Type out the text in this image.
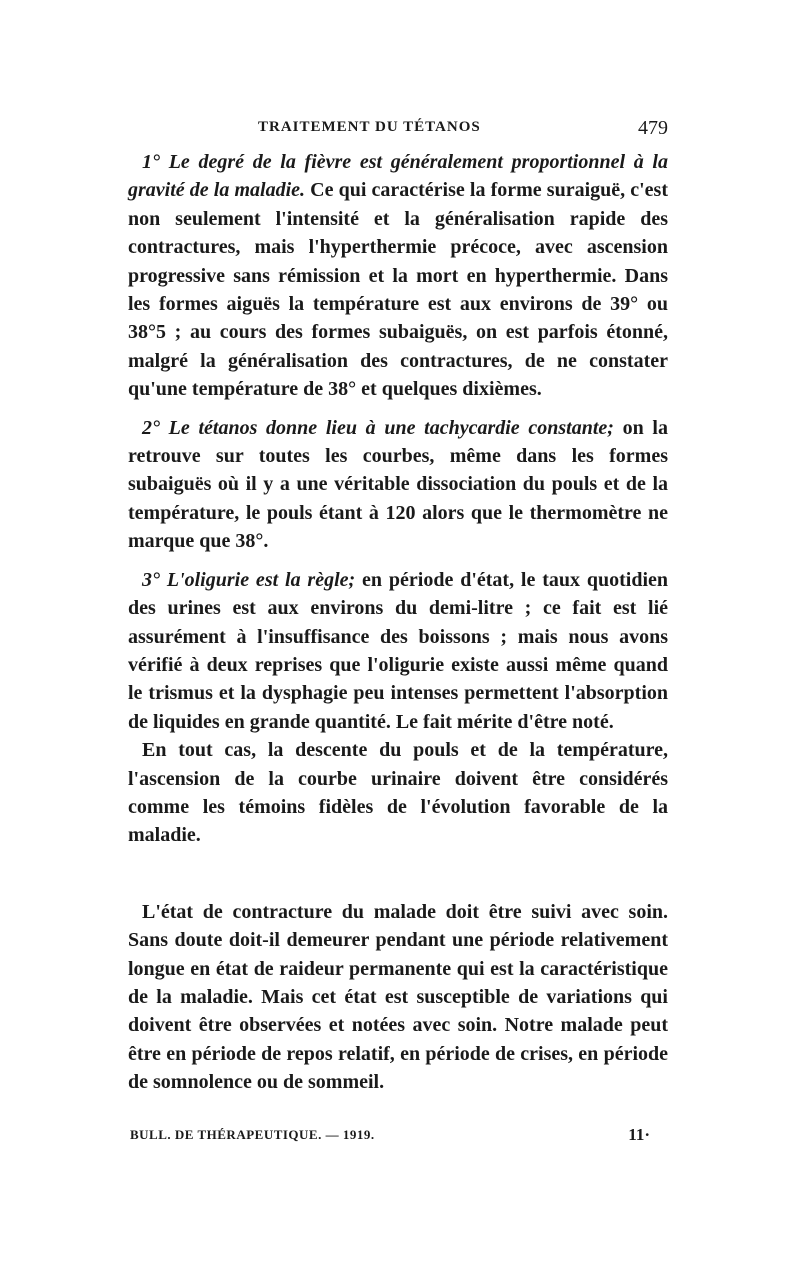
TRAITEMENT DU TÉTANOS	479

1° Le degré de la fièvre est généralement proportionnel à la gravité de la maladie. Ce qui caractérise la forme suraiguë, c'est non seulement l'intensité et la généralisation rapide des contractures, mais l'hyperthermie précoce, avec ascension progressive sans rémission et la mort en hyperthermie. Dans les formes aiguës la température est aux environs de 39° ou 38°5 ; au cours des formes subaiguës, on est parfois étonné, malgré la généralisation des contractures, de ne constater qu'une température de 38° et quelques dixièmes.

2° Le tétanos donne lieu à une tachycardie constante; on la retrouve sur toutes les courbes, même dans les formes subaiguës où il y a une véritable dissociation du pouls et de la température, le pouls étant à 120 alors que le thermomètre ne marque que 38°.

3° L'oligurie est la règle; en période d'état, le taux quotidien des urines est aux environs du demi-litre ; ce fait est lié assurément à l'insuffisance des boissons ; mais nous avons vérifié à deux reprises que l'oligurie existe aussi même quand le trismus et la dysphagie peu intenses permettent l'absorption de liquides en grande quantité. Le fait mérite d'être noté.

En tout cas, la descente du pouls et de la température, l'ascension de la courbe urinaire doivent être considérés comme les témoins fidèles de l'évolution favorable de la maladie.

L'état de contracture du malade doit être suivi avec soin. Sans doute doit-il demeurer pendant une période relativement longue en état de raideur permanente qui est la caractéristique de la maladie. Mais cet état est susceptible de variations qui doivent être observées et notées avec soin. Notre malade peut être en période de repos relatif, en période de crises, en période de somnolence ou de sommeil.

BULL. DE THÉRAPEUTIQUE. — 1919.	11·
